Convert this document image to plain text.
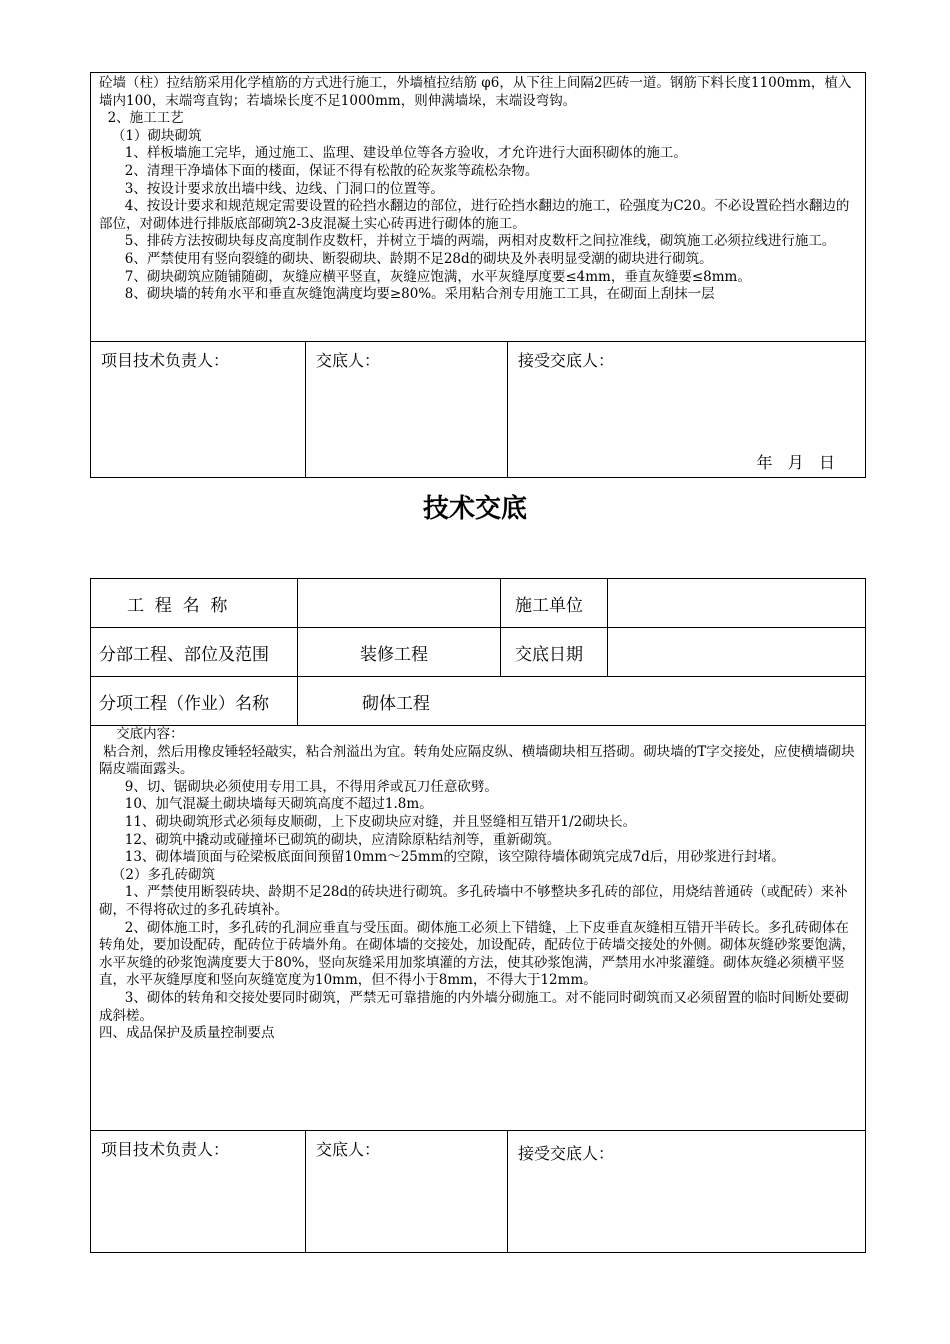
砼墙（柱）拉结筋采用化学植筋的方式进行施工，外墙植拉结筋 φ6，从下往上间隔2匹砖一道。钢筋下料长度1100mm，植入墙内100，末端弯直钩；若墙垛长度不足1000mm，则伸满墙垛，末端设弯钩。

2、施工工艺

（1）砌块砌筑

1、样板墙施工完毕，通过施工、监理、建设单位等各方验收，才允许进行大面积砌体的施工。

2、清理干净墙体下面的楼面，保证不得有松散的砼灰浆等疏松杂物。

3、按设计要求放出墙中线、边线、门洞口的位置等。

4、按设计要求和规范规定需要设置的砼挡水翻边的部位，进行砼挡水翻边的施工，砼强度为C20。不必设置砼挡水翻边的部位，对砌体进行排版底部砌筑2-3皮混凝土实心砖再进行砌体的施工。

5、排砖方法按砌块每皮高度制作皮数杆，并树立于墙的两端，两相对皮数杆之间拉准线，砌筑施工必须拉线进行施工。

6、严禁使用有竖向裂缝的砌块、断裂砌块、龄期不足28d的砌块及外表明显受潮的砌块进行砌筑。

7、砌块砌筑应随铺随砌，灰缝应横平竖直，灰缝应饱满，水平灰缝厚度要≤4mm，垂直灰缝要≤8mm。

8、砌块墙的转角水平和垂直灰缝饱满度均要≥80%。采用粘合剂专用施工工具，在砌面上刮抹一层

项目技术负责人：	交底人：	接受交底人：
年   月   日
技术交底
工  程  名  称		施工单位	
分部工程、部位及范围	装修工程	交底日期	
分项工程（作业）名称	砌体工程		

交底内容：

粘合剂，然后用橡皮锤轻轻敲实，粘合剂溢出为宜。转角处应隔皮纵、横墙砌块相互搭砌。砌块墙的T字交接处，应使横墙砌块隔皮端面露头。

9、切、锯砌块必须使用专用工具，不得用斧或瓦刀任意砍劈。

10、加气混凝土砌块墙每天砌筑高度不超过1.8m。

11、砌块砌筑形式必须每皮顺砌，上下皮砌块应对缝，并且竖缝相互错开1/2砌块长。

12、砌筑中撬动或碰撞坏已砌筑的砌块，应清除原粘结剂等，重新砌筑。

13、砌体墙顶面与砼梁板底面间预留10mm～25mm的空隙，该空隙待墙体砌筑完成7d后，用砂浆进行封堵。

（2）多孔砖砌筑

1、严禁使用断裂砖块、龄期不足28d的砖块进行砌筑。多孔砖墙中不够整块多孔砖的部位，用烧结普通砖（或配砖）来补砌，不得将砍过的多孔砖填补。

2、砌体施工时，多孔砖的孔洞应垂直与受压面。砌体施工必须上下错缝，上下皮垂直灰缝相互错开半砖长。多孔砖砌体在转角处，要加设配砖，配砖位于砖墙外角。在砌体墙的交接处，加设配砖，配砖位于砖墙交接处的外侧。砌体灰缝砂浆要饱满，水平灰缝的砂浆饱满度要大于80%，竖向灰缝采用加浆填灌的方法，使其砂浆饱满，严禁用水冲浆灌缝。砌体灰缝必须横平竖直，水平灰缝厚度和竖向灰缝宽度为10mm，但不得小于8mm，不得大于12mm。

3、砌体的转角和交接处要同时砌筑，严禁无可靠措施的内外墙分砌施工。对不能同时砌筑而又必须留置的临时间断处要砌成斜槎。

四、成品保护及质量控制要点

项目技术负责人：	交底人：	接受交底人：
